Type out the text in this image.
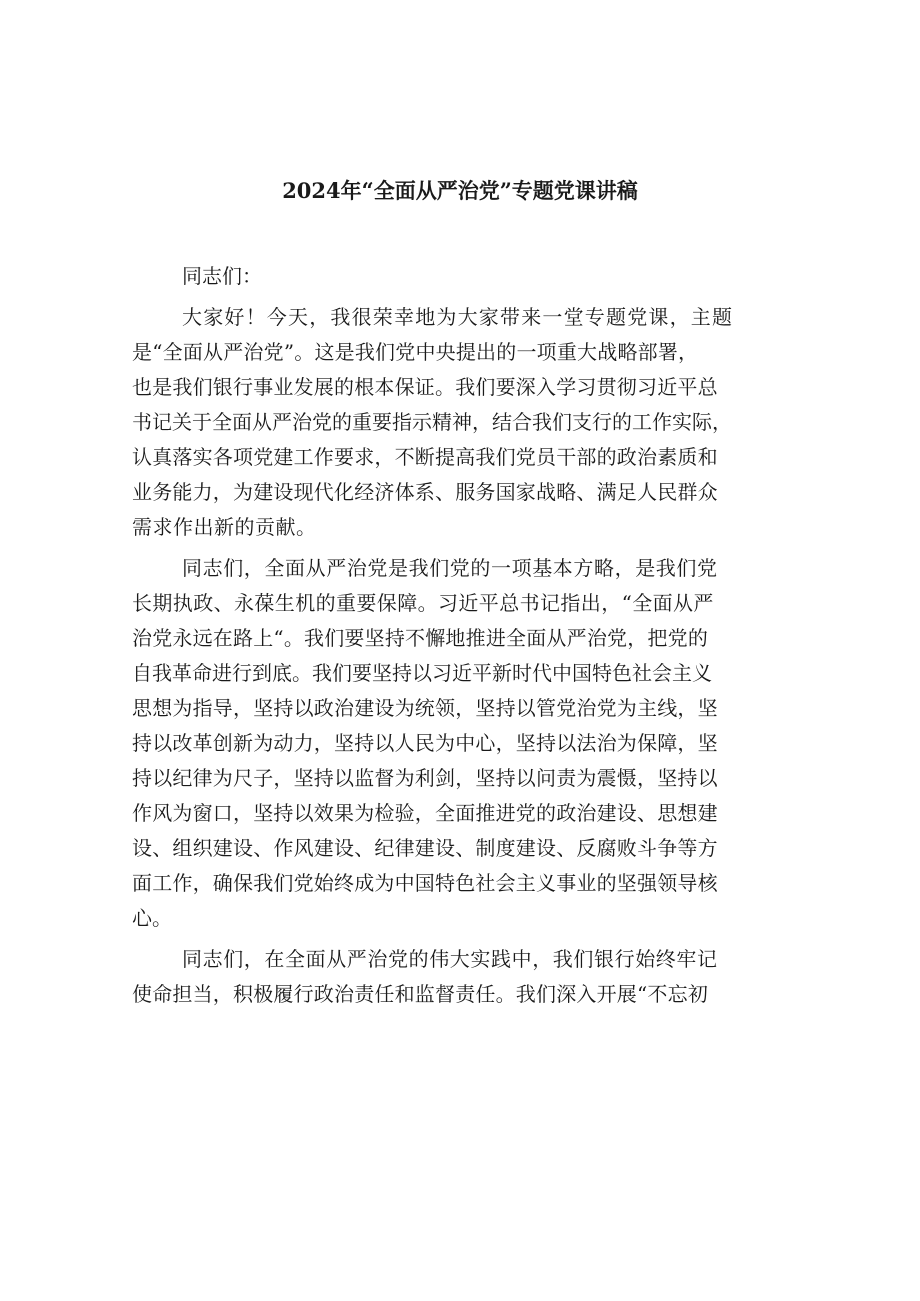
2024年“全面从严治党”专题党课讲稿
同志们：
大家好！今天，我很荣幸地为大家带来一堂专题党课，主题
是“全面从严治党”。这是我们党中央提出的一项重大战略部署，
也是我们银行事业发展的根本保证。我们要深入学习贯彻习近平总
书记关于全面从严治党的重要指示精神，结合我们支行的工作实际，
认真落实各项党建工作要求，不断提高我们党员干部的政治素质和
业务能力，为建设现代化经济体系、服务国家战略、满足人民群众
需求作出新的贡献。
同志们，全面从严治党是我们党的一项基本方略，是我们党
长期执政、永葆生机的重要保障。习近平总书记指出，“全面从严
治党永远在路上“。我们要坚持不懈地推进全面从严治党，把党的
自我革命进行到底。我们要坚持以习近平新时代中国特色社会主义
思想为指导，坚持以政治建设为统领，坚持以管党治党为主线，坚
持以改革创新为动力，坚持以人民为中心，坚持以法治为保障，坚
持以纪律为尺子，坚持以监督为利剑，坚持以问责为震慑，坚持以
作风为窗口，坚持以效果为检验，全面推进党的政治建设、思想建
设、组织建设、作风建设、纪律建设、制度建设、反腐败斗争等方
面工作，确保我们党始终成为中国特色社会主义事业的坚强领导核
心。
同志们，在全面从严治党的伟大实践中，我们银行始终牢记
使命担当，积极履行政治责任和监督责任。我们深入开展“不忘初
